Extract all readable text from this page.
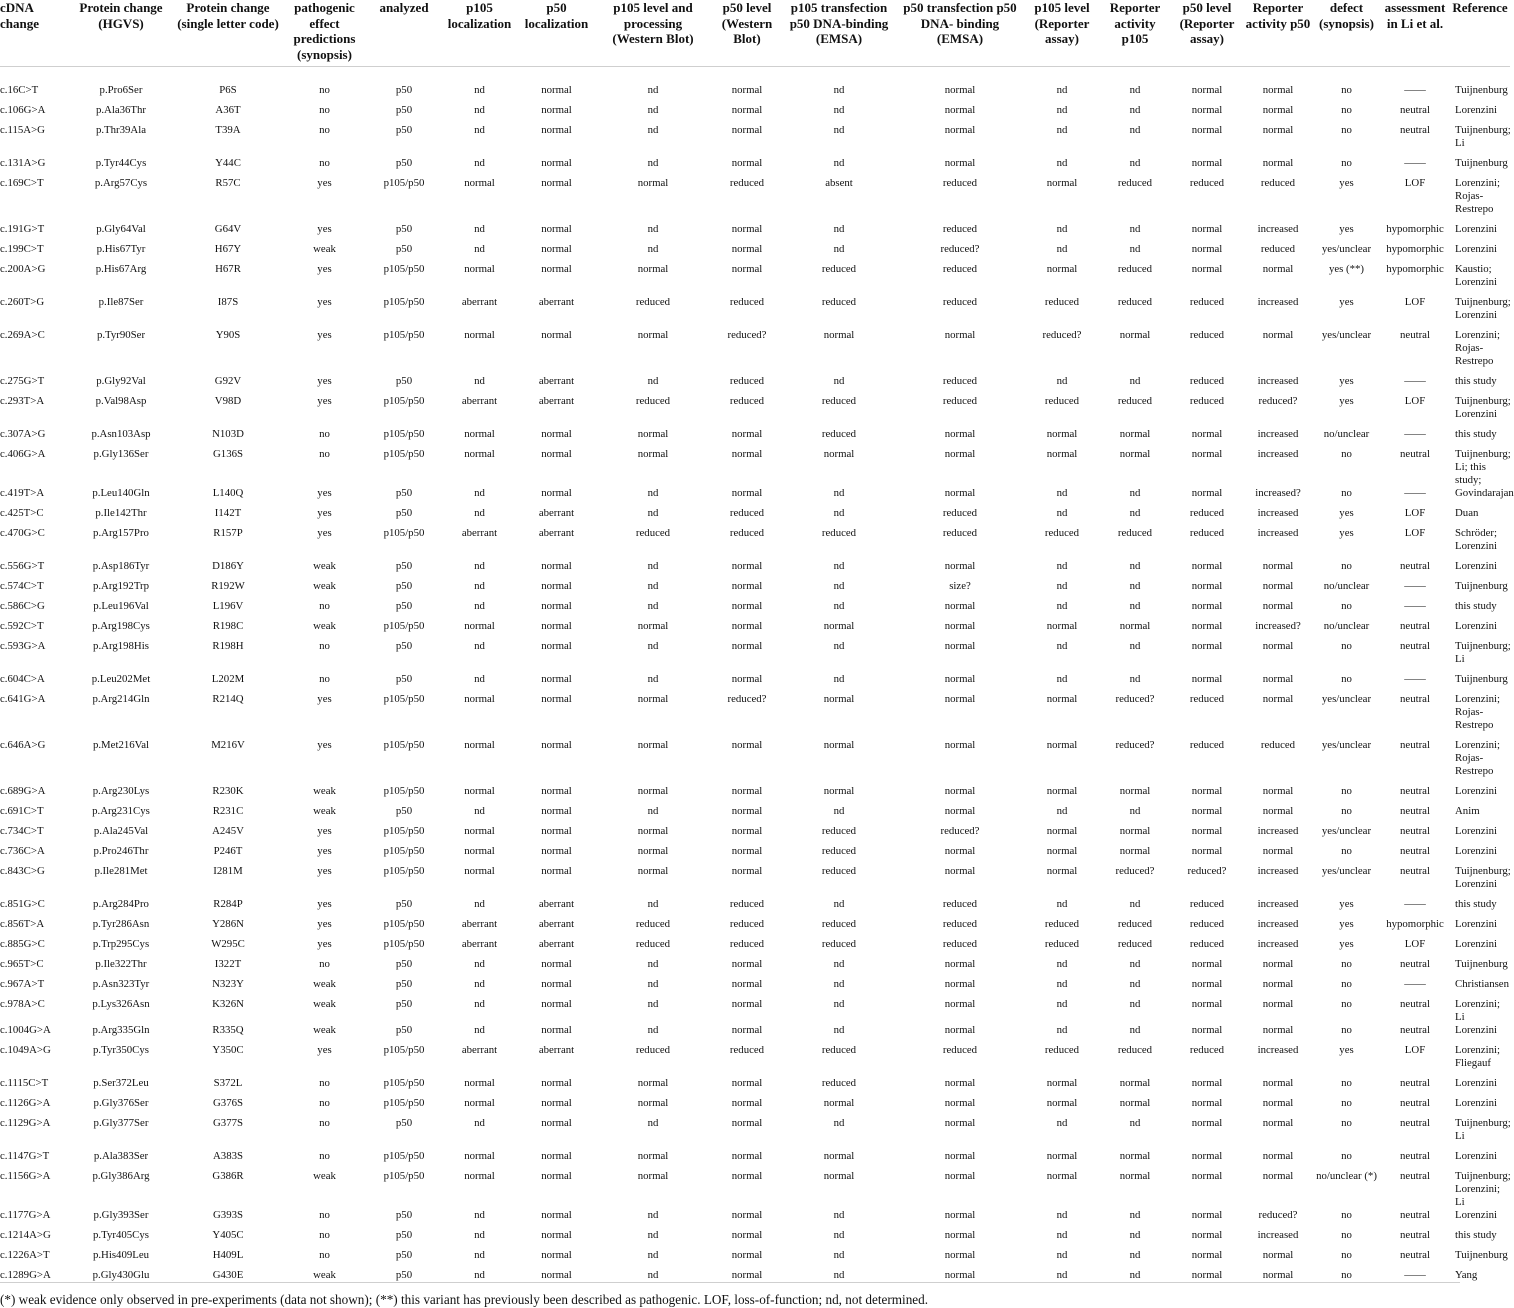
cDNA change	Protein change (HGVS)	Protein change (single letter code)	pathogenic effect predictions (synopsis)	analyzed	p105 localization	p50 localization	p105 level and processing (Western Blot)	p50 level (Western Blot)	p105 transfection p50 DNA-binding (EMSA)	p50 transfection p50 DNA- binding (EMSA)	p105 level (Reporter assay)	Reporter activity p105	p50 level (Reporter assay)	Reporter activity p50	defect (synopsis)	assessment in Li et al.	Reference

c.16C>T	p.Pro6Ser	P6S	no	p50	nd	normal	nd	normal	nd	normal	nd	nd	normal	normal	no	——	Tuijnenburg
c.106G>A	p.Ala36Thr	A36T	no	p50	nd	normal	nd	normal	nd	normal	nd	nd	normal	normal	no	neutral	Lorenzini
c.115A>G	p.Thr39Ala	T39A	no	p50	nd	normal	nd	normal	nd	normal	nd	nd	normal	normal	no	neutral	Tuijnenburg; Li
c.131A>G	p.Tyr44Cys	Y44C	no	p50	nd	normal	nd	normal	nd	normal	nd	nd	normal	normal	no	——	Tuijnenburg
c.169C>T	p.Arg57Cys	R57C	yes	p105/p50	normal	normal	normal	reduced	absent	reduced	normal	reduced	reduced	reduced	yes	LOF	Lorenzini; Rojas-Restrepo
c.191G>T	p.Gly64Val	G64V	yes	p50	nd	normal	nd	normal	nd	reduced	nd	nd	normal	increased	yes	hypomorphic	Lorenzini
c.199C>T	p.His67Tyr	H67Y	weak	p50	nd	normal	nd	normal	nd	reduced?	nd	nd	normal	reduced	yes/unclear	hypomorphic	Lorenzini
c.200A>G	p.His67Arg	H67R	yes	p105/p50	normal	normal	normal	normal	reduced	reduced	normal	reduced	normal	normal	yes (**)	hypomorphic	Kaustio; Lorenzini
c.260T>G	p.Ile87Ser	I87S	yes	p105/p50	aberrant	aberrant	reduced	reduced	reduced	reduced	reduced	reduced	reduced	increased	yes	LOF	Tuijnenburg; Lorenzini
c.269A>C	p.Tyr90Ser	Y90S	yes	p105/p50	normal	normal	normal	reduced?	normal	normal	reduced?	normal	reduced	normal	yes/unclear	neutral	Lorenzini; Rojas-Restrepo
c.275G>T	p.Gly92Val	G92V	yes	p50	nd	aberrant	nd	reduced	nd	reduced	nd	nd	reduced	increased	yes	——	this study
c.293T>A	p.Val98Asp	V98D	yes	p105/p50	aberrant	aberrant	reduced	reduced	reduced	reduced	reduced	reduced	reduced	reduced?	yes	LOF	Tuijnenburg; Lorenzini
c.307A>G	p.Asn103Asp	N103D	no	p105/p50	normal	normal	normal	normal	reduced	normal	normal	normal	normal	increased	no/unclear	——	this study
c.406G>A	p.Gly136Ser	G136S	no	p105/p50	normal	normal	normal	normal	normal	normal	normal	normal	normal	increased	no	neutral	Tuijnenburg; Li; this study;
c.419T>A	p.Leu140Gln	L140Q	yes	p50	nd	normal	nd	normal	nd	normal	nd	nd	normal	increased?	no	——	Govindarajan
c.425T>C	p.Ile142Thr	I142T	yes	p50	nd	aberrant	nd	reduced	nd	reduced	nd	nd	reduced	increased	yes	LOF	Duan
c.470G>C	p.Arg157Pro	R157P	yes	p105/p50	aberrant	aberrant	reduced	reduced	reduced	reduced	reduced	reduced	reduced	increased	yes	LOF	Schröder; Lorenzini
c.556G>T	p.Asp186Tyr	D186Y	weak	p50	nd	normal	nd	normal	nd	normal	nd	nd	normal	normal	no	neutral	Lorenzini
c.574C>T	p.Arg192Trp	R192W	weak	p50	nd	normal	nd	normal	nd	size?	nd	nd	normal	normal	no/unclear	——	Tuijnenburg
c.586C>G	p.Leu196Val	L196V	no	p50	nd	normal	nd	normal	nd	normal	nd	nd	normal	normal	no	——	this study
c.592C>T	p.Arg198Cys	R198C	weak	p105/p50	normal	normal	normal	normal	normal	normal	normal	normal	normal	increased?	no/unclear	neutral	Lorenzini
c.593G>A	p.Arg198His	R198H	no	p50	nd	normal	nd	normal	nd	normal	nd	nd	normal	normal	no	neutral	Tuijnenburg; Li
c.604C>A	p.Leu202Met	L202M	no	p50	nd	normal	nd	normal	nd	normal	nd	nd	normal	normal	no	——	Tuijnenburg
c.641G>A	p.Arg214Gln	R214Q	yes	p105/p50	normal	normal	normal	reduced?	normal	normal	normal	reduced?	reduced	normal	yes/unclear	neutral	Lorenzini; Rojas-Restrepo
c.646A>G	p.Met216Val	M216V	yes	p105/p50	normal	normal	normal	normal	normal	normal	normal	reduced?	reduced	reduced	yes/unclear	neutral	Lorenzini; Rojas-Restrepo
c.689G>A	p.Arg230Lys	R230K	weak	p105/p50	normal	normal	normal	normal	normal	normal	normal	normal	normal	normal	no	neutral	Lorenzini
c.691C>T	p.Arg231Cys	R231C	weak	p50	nd	normal	nd	normal	nd	normal	nd	nd	normal	normal	no	neutral	Anim
c.734C>T	p.Ala245Val	A245V	yes	p105/p50	normal	normal	normal	normal	reduced	reduced?	normal	normal	normal	increased	yes/unclear	neutral	Lorenzini
c.736C>A	p.Pro246Thr	P246T	yes	p105/p50	normal	normal	normal	normal	reduced	normal	normal	normal	normal	normal	no	neutral	Lorenzini
c.843C>G	p.Ile281Met	I281M	yes	p105/p50	normal	normal	normal	normal	reduced	normal	normal	reduced?	reduced?	increased	yes/unclear	neutral	Tuijnenburg; Lorenzini
c.851G>C	p.Arg284Pro	R284P	yes	p50	nd	aberrant	nd	reduced	nd	reduced	nd	nd	reduced	increased	yes	——	this study
c.856T>A	p.Tyr286Asn	Y286N	yes	p105/p50	aberrant	aberrant	reduced	reduced	reduced	reduced	reduced	reduced	reduced	increased	yes	hypomorphic	Lorenzini
c.885G>C	p.Trp295Cys	W295C	yes	p105/p50	aberrant	aberrant	reduced	reduced	reduced	reduced	reduced	reduced	reduced	increased	yes	LOF	Lorenzini
c.965T>C	p.Ile322Thr	I322T	no	p50	nd	normal	nd	normal	nd	normal	nd	nd	normal	normal	no	neutral	Tuijnenburg
c.967A>T	p.Asn323Tyr	N323Y	weak	p50	nd	normal	nd	normal	nd	normal	nd	nd	normal	normal	no	——	Christiansen
c.978A>C	p.Lys326Asn	K326N	weak	p50	nd	normal	nd	normal	nd	normal	nd	nd	normal	normal	no	neutral	Lorenzini; Li
c.1004G>A	p.Arg335Gln	R335Q	weak	p50	nd	normal	nd	normal	nd	normal	nd	nd	normal	normal	no	neutral	Lorenzini
c.1049A>G	p.Tyr350Cys	Y350C	yes	p105/p50	aberrant	aberrant	reduced	reduced	reduced	reduced	reduced	reduced	reduced	increased	yes	LOF	Lorenzini; Fliegauf
c.1115C>T	p.Ser372Leu	S372L	no	p105/p50	normal	normal	normal	normal	reduced	normal	normal	normal	normal	normal	no	neutral	Lorenzini
c.1126G>A	p.Gly376Ser	G376S	no	p105/p50	normal	normal	normal	normal	normal	normal	normal	normal	normal	normal	no	neutral	Lorenzini
c.1129G>A	p.Gly377Ser	G377S	no	p50	nd	normal	nd	normal	nd	normal	nd	nd	normal	normal	no	neutral	Tuijnenburg; Li
c.1147G>T	p.Ala383Ser	A383S	no	p105/p50	normal	normal	normal	normal	normal	normal	normal	normal	normal	normal	no	neutral	Lorenzini
c.1156G>A	p.Gly386Arg	G386R	weak	p105/p50	normal	normal	normal	normal	normal	normal	normal	normal	normal	normal	no/unclear (*)	neutral	Tuijnenburg; Lorenzini; Li
c.1177G>A	p.Gly393Ser	G393S	no	p50	nd	normal	nd	normal	nd	normal	nd	nd	normal	reduced?	no	neutral	Lorenzini
c.1214A>G	p.Tyr405Cys	Y405C	no	p50	nd	normal	nd	normal	nd	normal	nd	nd	normal	increased	no	neutral	this study
c.1226A>T	p.His409Leu	H409L	no	p50	nd	normal	nd	normal	nd	normal	nd	nd	normal	normal	no	neutral	Tuijnenburg
c.1289G>A	p.Gly430Glu	G430E	weak	p50	nd	normal	nd	normal	nd	normal	nd	nd	normal	normal	no	——	Yang
(*) weak evidence only observed in pre-experiments (data not shown); (**) this variant has previously been described as pathogenic. LOF, loss-of-function; nd, not determined.
